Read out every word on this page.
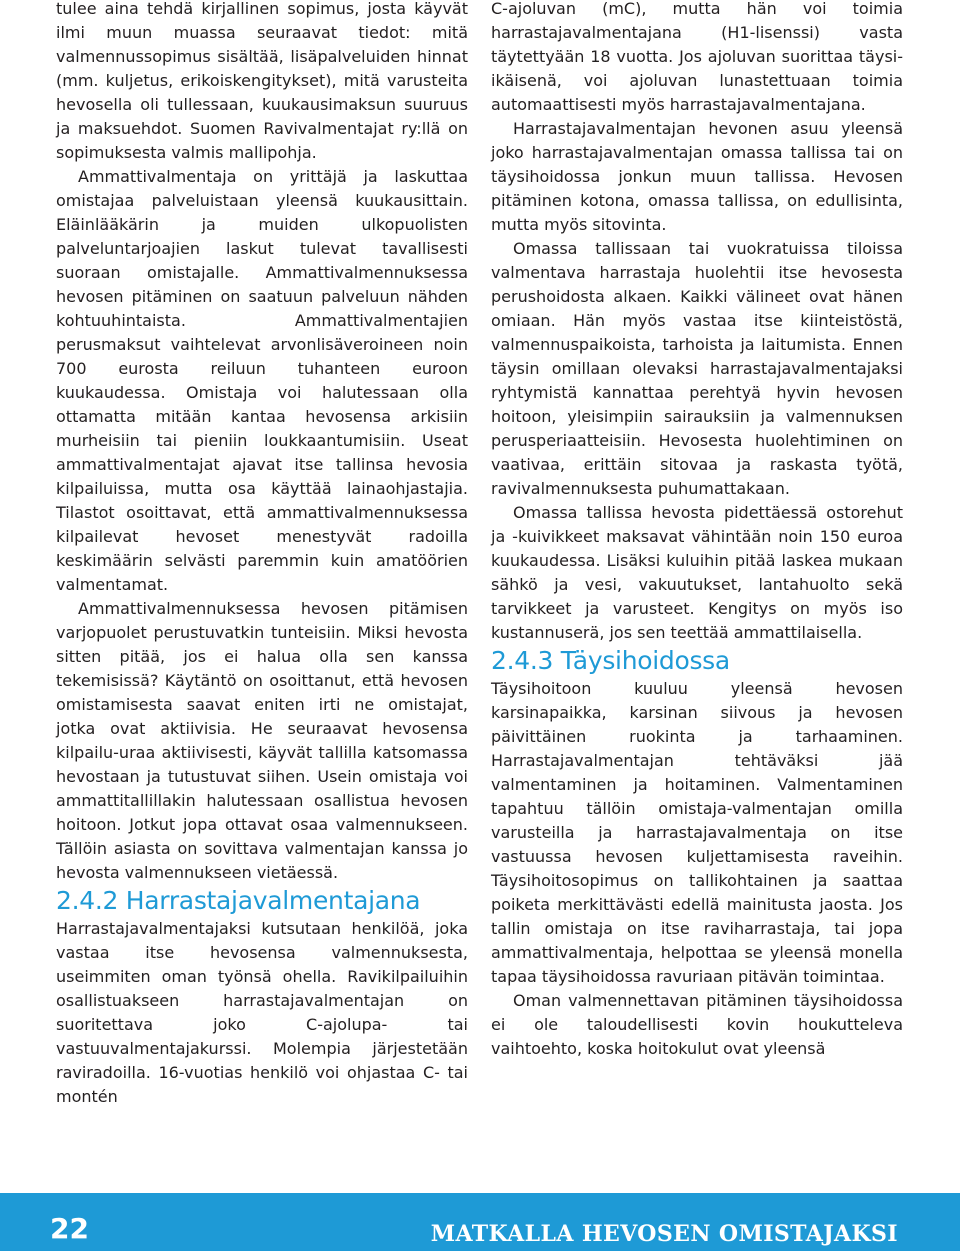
tulee aina tehdä kirjallinen sopimus, josta käyvät ilmi muun muassa seuraavat tiedot: mitä valmennussopimus sisältää, lisäpalveluiden hinnat (mm. kuljetus, erikoiskengitykset), mitä varusteita hevosella oli tullessaan, kuukausimaksun suuruus ja maksuehdot. Suomen Ravivalmentajat ry:llä on sopimuksesta valmis mallipohja.

Ammattivalmentaja on yrittäjä ja laskuttaa omistajaa palveluistaan yleensä kuukausittain. Eläinlääkärin ja muiden ulkopuolisten palveluntarjoajien laskut tulevat tavallisesti suoraan omistajalle. Ammattivalmennuksessa hevosen pitäminen on saatuun palveluun nähden kohtuuhintaista. Ammattivalmentajien perusmaksut vaihtelevat arvonlisäveroineen noin 700 eurosta reiluun tuhanteen euroon kuukaudessa. Omistaja voi halutessaan olla ottamatta mitään kantaa hevosensa arkisiin murheisiin tai pieniin loukkaantumisiin. Useat ammattivalmentajat ajavat itse tallinsa hevosia kilpailuissa, mutta osa käyttää lainaohjastajia. Tilastot osoittavat, että ammattivalmennuksessa kilpailevat hevoset menestyvät radoilla keskimäärin selvästi paremmin kuin amatöörien valmentamat.

Ammattivalmennuksessa hevosen pitämisen varjopuolet perustuvatkin tunteisiin. Miksi hevosta sitten pitää, jos ei halua olla sen kanssa tekemisissä? Käytäntö on osoittanut, että hevosen omistamisesta saavat eniten irti ne omistajat, jotka ovat aktiivisia. He seuraavat hevosensa kilpailu-uraa aktiivisesti, käyvät tallilla katsomassa hevostaan ja tutustuvat siihen. Usein omistaja voi ammattitallillakin halutessaan osallistua hevosen hoitoon. Jotkut jopa ottavat osaa valmennukseen. Tällöin asiasta on sovittava valmentajan kanssa jo hevosta valmennukseen vietäessä.

2.4.2 Harrastajavalmentajana

Harrastajavalmentajaksi kutsutaan henkilöä, joka vastaa itse hevosensa valmennuksesta, useimmiten oman työnsä ohella. Ravikilpailuihin osallistuakseen harrastajavalmentajan on suoritettava joko C-ajolupa- tai vastuuvalmentajakurssi. Molempia järjestetään raviradoilla. 16-vuotias henkilö voi ohjastaa C- tai montén

C-ajoluvan (mC), mutta hän voi toimia harrastajavalmentajana (H1-lisenssi) vasta täytettyään 18 vuotta. Jos ajoluvan suorittaa täysi-ikäisenä, voi ajoluvan lunastettuaan toimia automaattisesti myös harrastajavalmentajana.

Harrastajavalmentajan hevonen asuu yleensä joko harrastajavalmentajan omassa tallissa tai on täysihoidossa jonkun muun tallissa. Hevosen pitäminen kotona, omassa tallissa, on edullisinta, mutta myös sitovinta.

Omassa tallissaan tai vuokratuissa tiloissa valmentava harrastaja huolehtii itse hevosesta perushoidosta alkaen. Kaikki välineet ovat hänen omiaan. Hän myös vastaa itse kiinteistöstä, valmennuspaikoista, tarhoista ja laitumista. Ennen täysin omillaan olevaksi harrastajavalmentajaksi ryhtymistä kannattaa perehtyä hyvin hevosen hoitoon, yleisimpiin sairauksiin ja valmennuksen perusperiaatteisiin. Hevosesta huolehtiminen on vaativaa, erittäin sitovaa ja raskasta työtä, ravivalmennuksesta puhumattakaan.

Omassa tallissa hevosta pidettäessä ostorehut ja -kuivikkeet maksavat vähintään noin 150 euroa kuukaudessa. Lisäksi kuluihin pitää laskea mukaan sähkö ja vesi, vakuutukset, lantahuolto sekä tarvikkeet ja varusteet. Kengitys on myös iso kustannuserä, jos sen teettää ammattilaisella.

2.4.3 Täysihoidossa

Täysihoitoon kuuluu yleensä hevosen karsinapaikka, karsinan siivous ja hevosen päivittäinen ruokinta ja tarhaaminen. Harrastajavalmentajan tehtäväksi jää valmentaminen ja hoitaminen. Valmentaminen tapahtuu tällöin omistaja-valmentajan omilla varusteilla ja harrastajavalmentaja on itse vastuussa hevosen kuljettamisesta raveihin. Täysihoitosopimus on tallikohtainen ja saattaa poiketa merkittävästi edellä mainitusta jaosta. Jos tallin omistaja on itse raviharrastaja, tai jopa ammattivalmentaja, helpottaa se yleensä monella tapaa täysihoidossa ravuriaan pitävän toimintaa.

Oman valmennettavan pitäminen täysihoidossa ei ole taloudellisesti kovin houkutteleva vaihtoehto, koska hoitokulut ovat yleensä

22	MATKALLA HEVOSEN OMISTAJAKSI
